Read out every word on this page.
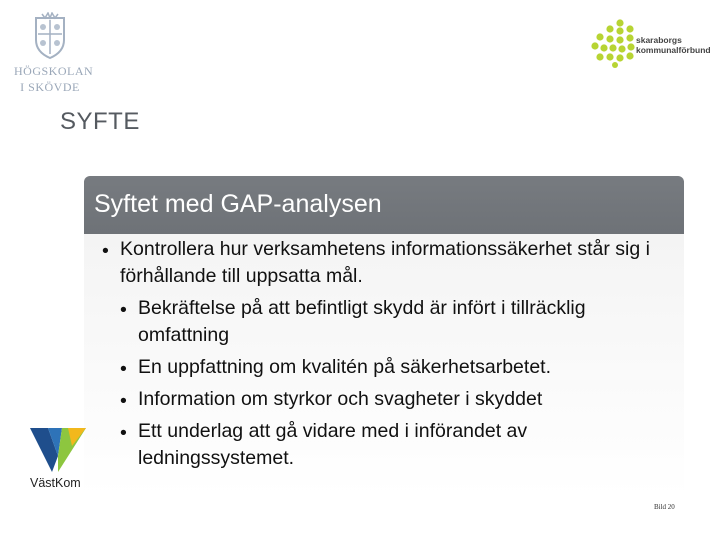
HÖGSKOLAN
I SKÖVDE
skaraborgs
kommunalförbund
SYFTE
Syftet med GAP-analysen
• Kontrollera hur verksamhetens informationssäkerhet står sig i förhållande till uppsatta mål.
• Bekräftelse på att befintligt skydd är infört i tillräcklig omfattning
• En uppfattning om kvalitén på säkerhetsarbetet.
• Information om styrkor och svagheter i skyddet
• Ett underlag att gå vidare med i införandet av ledningssystemet.
VästKom
Bild 20
